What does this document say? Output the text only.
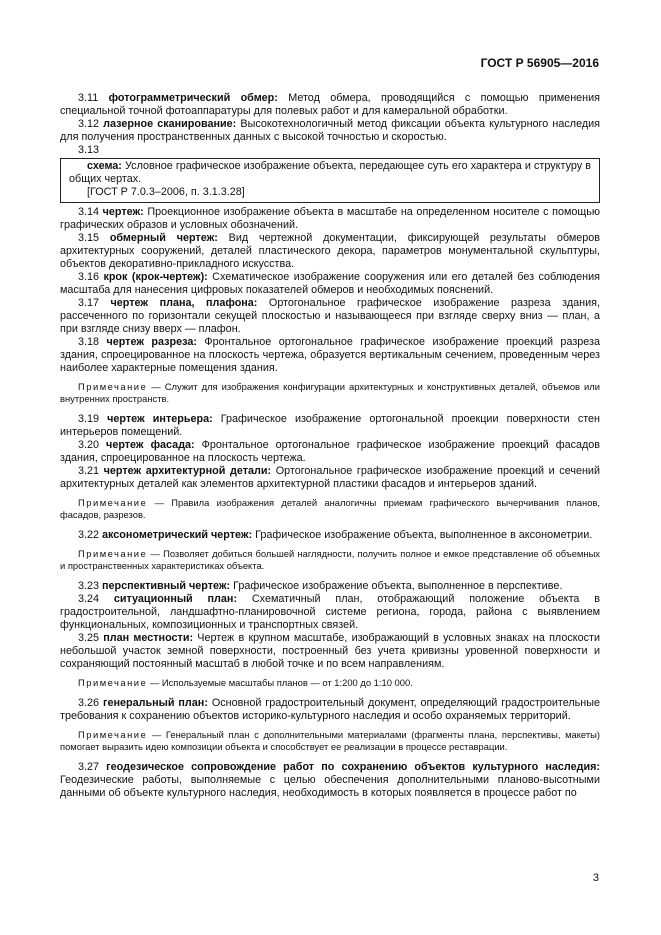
ГОСТ Р 56905—2016

3.11 фотограмметрический обмер: Метод обмера, проводящийся с помощью применения специальной точной фотоаппаратуры для полевых работ и для камеральной обработки.

3.12 лазерное сканирование: Высокотехнологичный метод фиксации объекта культурного наследия для получения пространственных данных с высокой точностью и скоростью.

3.13

схема: Условное графическое изображение объекта, передающее суть его характера и структуру в общих чертах.

[ГОСТ Р 7.0.3–2006, п. 3.1.3.28]

3.14 чертеж: Проекционное изображение объекта в масштабе на определенном носителе с помощью графических образов и условных обозначений.

3.15 обмерный чертеж: Вид чертежной документации, фиксирующей результаты обмеров архитектурных сооружений, деталей пластического декора, параметров монументальной скульптуры, объектов декоративно-прикладного искусства.

3.16 крок (крок-чертеж): Схематическое изображение сооружения или его деталей без соблюдения масштаба для нанесения цифровых показателей обмеров и необходимых пояснений.

3.17 чертеж плана, плафона: Ортогональное графическое изображение разреза здания, рассеченного по горизонтали секущей плоскостью и называющееся при взгляде сверху вниз — план, а при взгляде снизу вверх — плафон.

3.18 чертеж разреза: Фронтальное ортогональное графическое изображение проекций разреза здания, спроецированное на плоскость чертежа, образуется вертикальным сечением, проведенным через наиболее характерные помещения здания.

Примечание — Служит для изображения конфигурации архитектурных и конструктивных деталей, объемов или внутренних пространств.

3.19 чертеж интерьера: Графическое изображение ортогональной проекции поверхности стен интерьеров помещений.

3.20 чертеж фасада: Фронтальное ортогональное графическое изображение проекций фасадов здания, спроецированное на плоскость чертежа.

3.21 чертеж архитектурной детали: Ортогональное графическое изображение проекций и сечений архитектурных деталей как элементов архитектурной пластики фасадов и интерьеров зданий.

Примечание — Правила изображения деталей аналогичны приемам графического вычерчивания планов, фасадов, разрезов.

3.22 аксонометрический чертеж: Графическое изображение объекта, выполненное в аксонометрии.

Примечание — Позволяет добиться большей наглядности, получить полное и емкое представление об объемных и пространственных характеристиках объекта.

3.23 перспективный чертеж: Графическое изображение объекта, выполненное в перспективе.

3.24 ситуационный план: Схематичный план, отображающий положение объекта в градостроительной, ландшафтно-планировочной системе региона, города, района с выявлением функциональных, композиционных и транспортных связей.

3.25 план местности: Чертеж в крупном масштабе, изображающий в условных знаках на плоскости небольшой участок земной поверхности, построенный без учета кривизны уровенной поверхности и сохраняющий постоянный масштаб в любой точке и по всем направлениям.

Примечание — Используемые масштабы планов — от 1:200 до 1:10 000.

3.26 генеральный план: Основной градостроительный документ, определяющий градостроительные требования к сохранению объектов историко-культурного наследия и особо охраняемых территорий.

Примечание — Генеральный план с дополнительными материалами (фрагменты плана, перспективы, макеты) помогает выразить идею композиции объекта и способствует ее реализации в процессе реставрации.

3.27 геодезическое сопровождение работ по сохранению объектов культурного наследия: Геодезические работы, выполняемые с целью обеспечения дополнительными планово-высотными данными об объекте культурного наследия, необходимость в которых появляется в процессе работ по

3
